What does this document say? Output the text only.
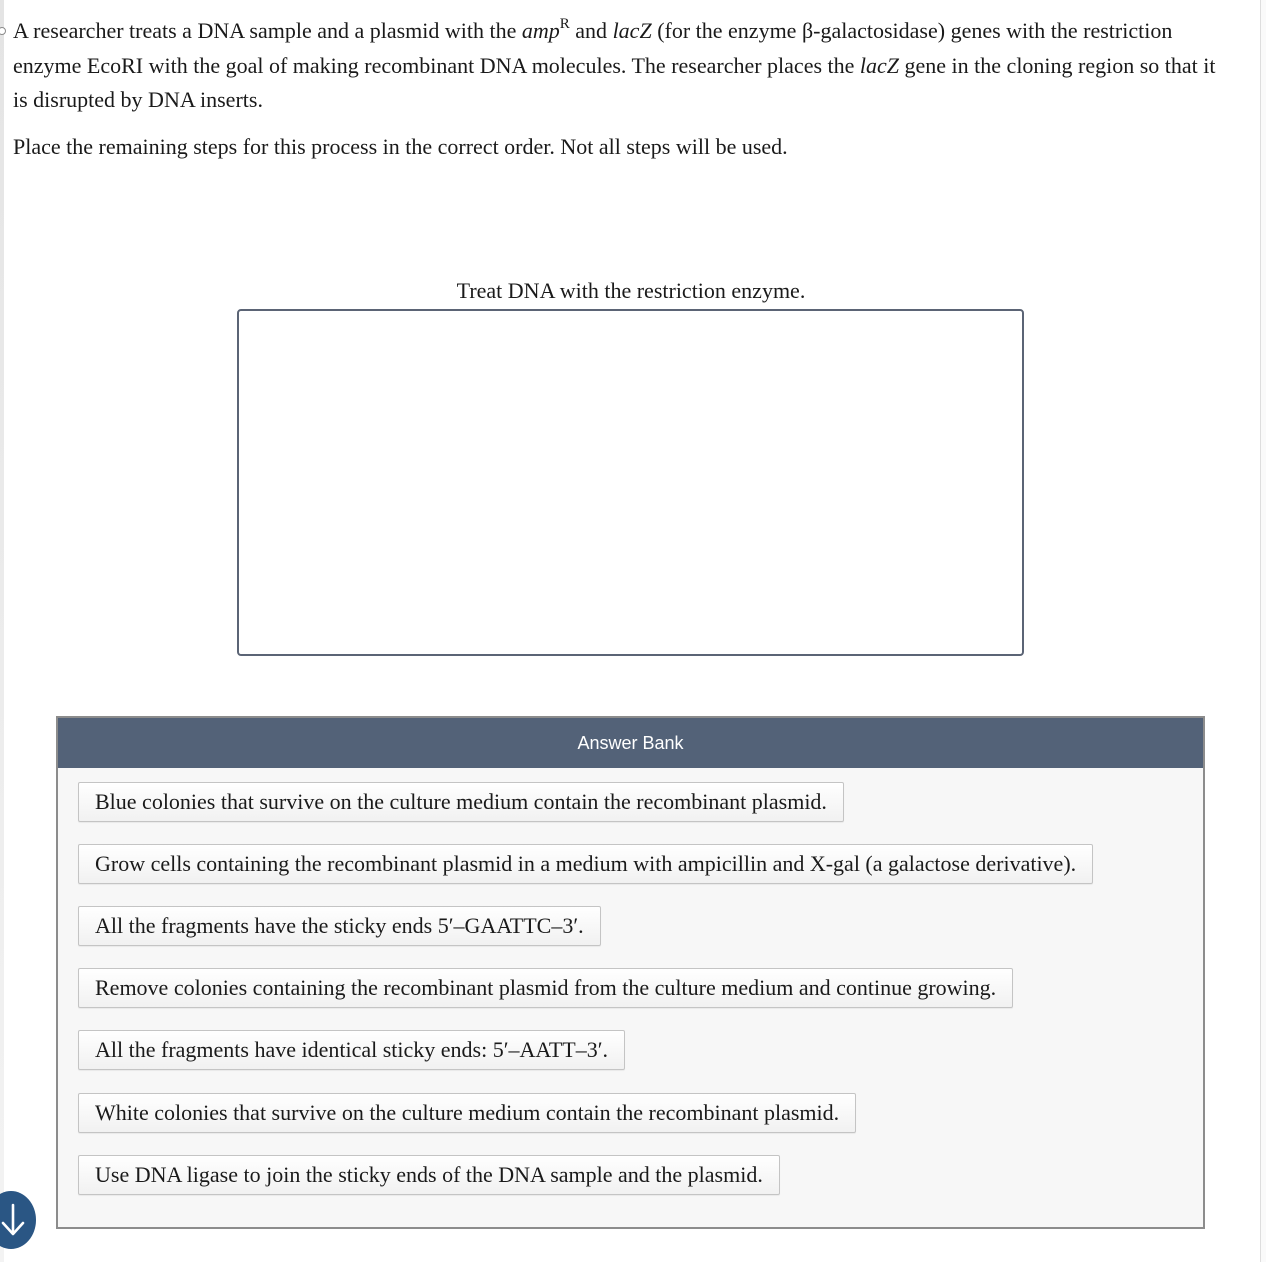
A researcher treats a DNA sample and a plasmid with the amp$^R$ and lacZ (for the enzyme β-galactosidase) genes with the restriction enzyme EcoRI with the goal of making recombinant DNA molecules. The researcher places the lacZ gene in the cloning region so that it is disrupted by DNA inserts.

Place the remaining steps for this process in the correct order. Not all steps will be used.

Treat DNA with the restriction enzyme.
Answer Bank
Blue colonies that survive on the culture medium contain the recombinant plasmid.
Grow cells containing the recombinant plasmid in a medium with ampicillin and X-gal (a galactose derivative).
All the fragments have the sticky ends 5′–GAATTC–3′.
Remove colonies containing the recombinant plasmid from the culture medium and continue growing.
All the fragments have identical sticky ends: 5′–AATT–3′.
White colonies that survive on the culture medium contain the recombinant plasmid.
Use DNA ligase to join the sticky ends of the DNA sample and the plasmid.
